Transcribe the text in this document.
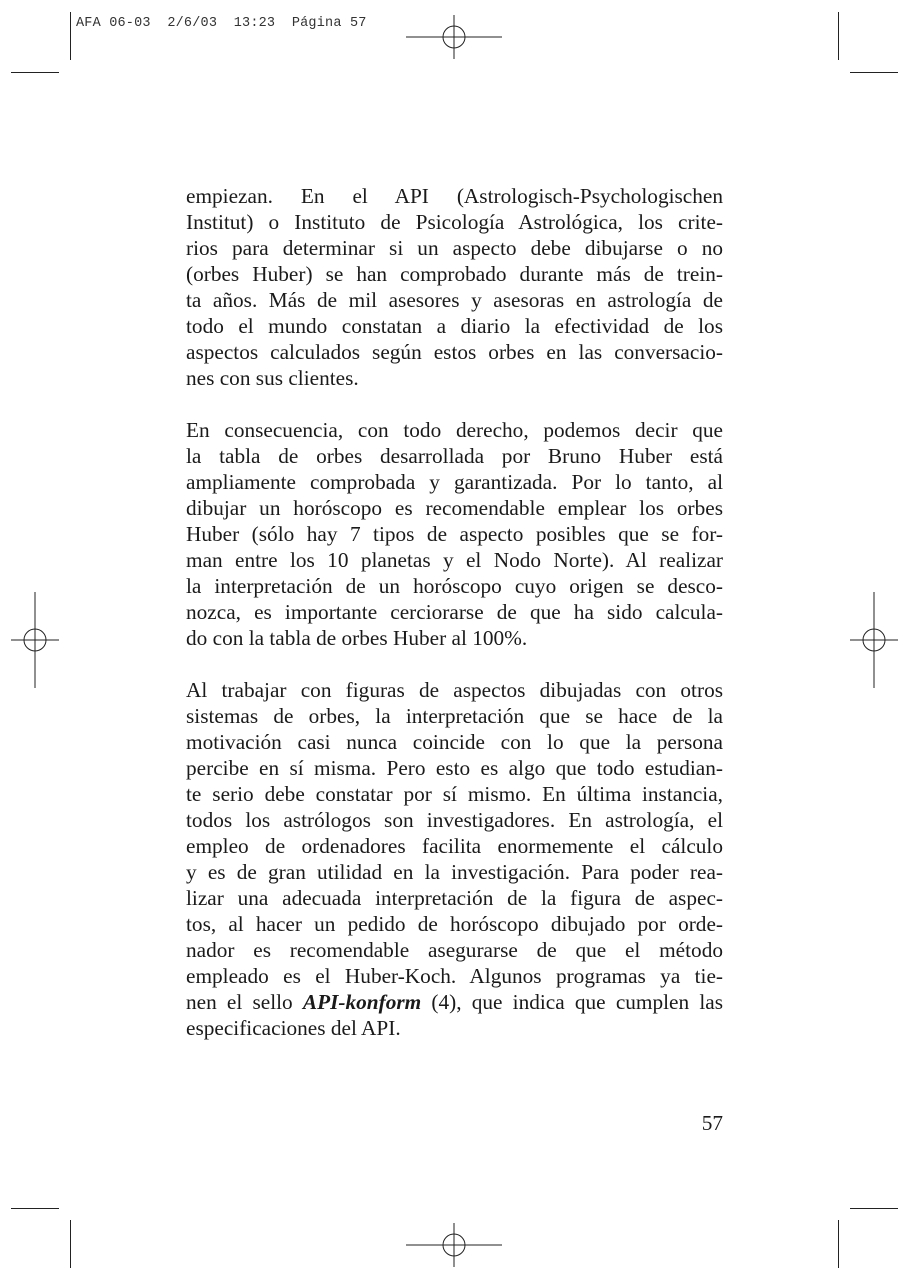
AFA 06-03  2/6/03  13:23  Página 57

empiezan. En el API (Astrologisch-Psychologischen
Institut) o Instituto de Psicología Astrológica, los crite-
rios para determinar si un aspecto debe dibujarse o no
(orbes Huber) se han comprobado durante más de trein-
ta años. Más de mil asesores y asesoras en astrología de
todo el mundo constatan a diario la efectividad de los
aspectos calculados según estos orbes en las conversacio-
nes con sus clientes.

En consecuencia, con todo derecho, podemos decir que
la tabla de orbes desarrollada por Bruno Huber está
ampliamente comprobada y garantizada. Por lo tanto, al
dibujar un horóscopo es recomendable emplear los orbes
Huber (sólo hay 7 tipos de aspecto posibles que se for-
man entre los 10 planetas y el Nodo Norte). Al realizar
la interpretación de un horóscopo cuyo origen se desco-
nozca, es importante cerciorarse de que ha sido calcula-
do con la tabla de orbes Huber al 100%.

Al trabajar con figuras de aspectos dibujadas con otros
sistemas de orbes, la interpretación que se hace de la
motivación casi nunca coincide con lo que la persona
percibe en sí misma. Pero esto es algo que todo estudian-
te serio debe constatar por sí mismo. En última instancia,
todos los astrólogos son investigadores. En astrología, el
empleo de ordenadores facilita enormemente el cálculo
y es de gran utilidad en la investigación. Para poder rea-
lizar una adecuada interpretación de la figura de aspec-
tos, al hacer un pedido de horóscopo dibujado por orde-
nador es recomendable asegurarse de que el método
empleado es el Huber-Koch. Algunos programas ya tie-
nen el sello API-konform (4), que indica que cumplen las
especificaciones del API.

57
